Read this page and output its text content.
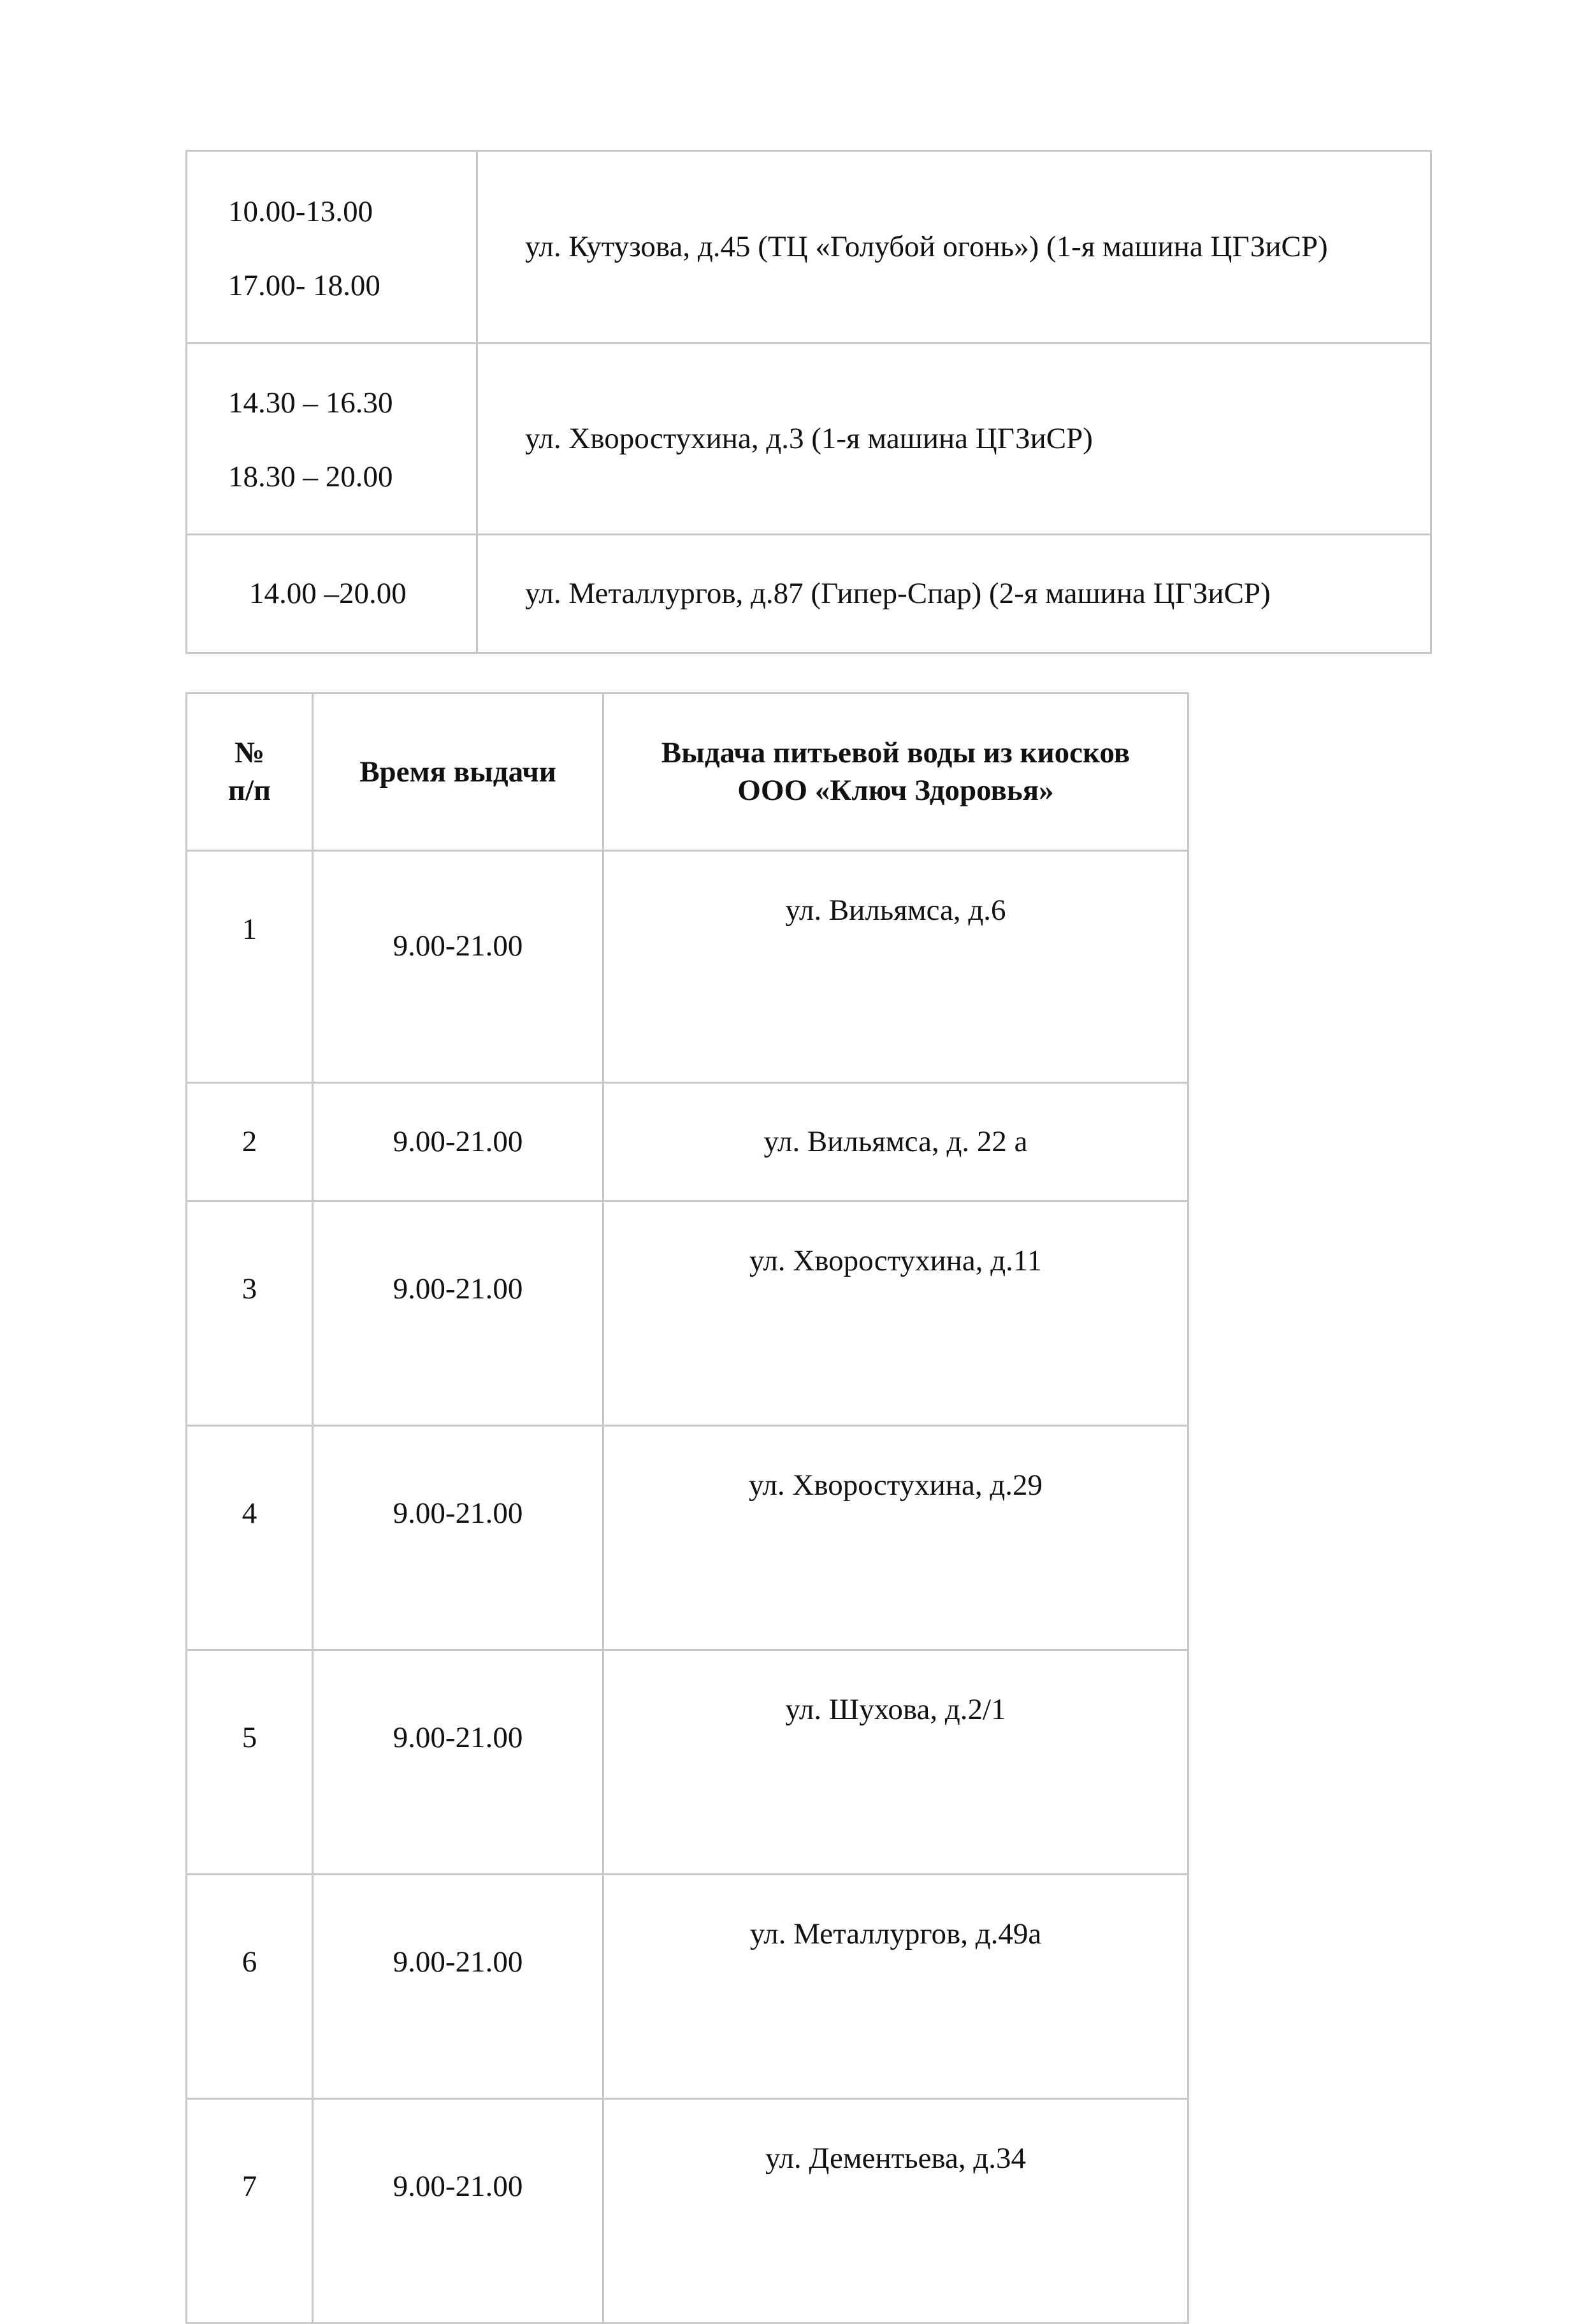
10.00-13.00
17.00- 18.00	ул. Кутузова, д.45 (ТЦ «Голубой огонь») (1-я машина ЦГЗиСР)

14.30 – 16.30
18.30 – 20.00	ул. Хворостухина, д.3 (1-я машина ЦГЗиСР)

14.00 –20.00	ул. Металлургов, д.87 (Гипер-Спар) (2-я машина ЦГЗиСР)
№
п/п	Время выдачи	Выдача питьевой воды из киосков
ООО «Ключ Здоровья»
1	9.00-21.00	ул. Вильямса, д.6
2	9.00-21.00	ул. Вильямса, д. 22 а
3	9.00-21.00	ул. Хворостухина, д.11
4	9.00-21.00	ул. Хворостухина, д.29
5	9.00-21.00	ул. Шухова, д.2/1
6	9.00-21.00	ул. Металлургов, д.49а
7	9.00-21.00	ул. Дементьева, д.34
